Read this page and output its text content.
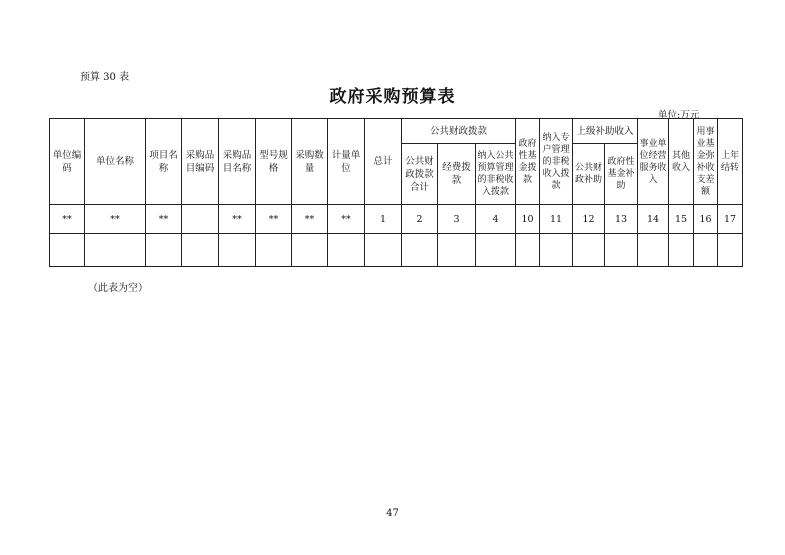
预算 30 表
政府采购预算表
单位:万元
单位编码	单位名称	项目名称	采购品目编码	采购品目名称	型号规格	采购数量	计量单位	总计	公共财政拨款			政府性基金拨款	纳入专户管理的非税收入拨款	上级补助收入		事业单位经营服务收入	其他收入	用事业基金弥补收支差额	上年结转
									公共财政拨款合计	经费拨款	纳入公共预算管理的非税收入拨款			公共财政补助	政府性基金补助				
**	**	**		**	**	**	**	1	2	3	4	10	11	12	13	14	15	16	17

（此表为空）
47
